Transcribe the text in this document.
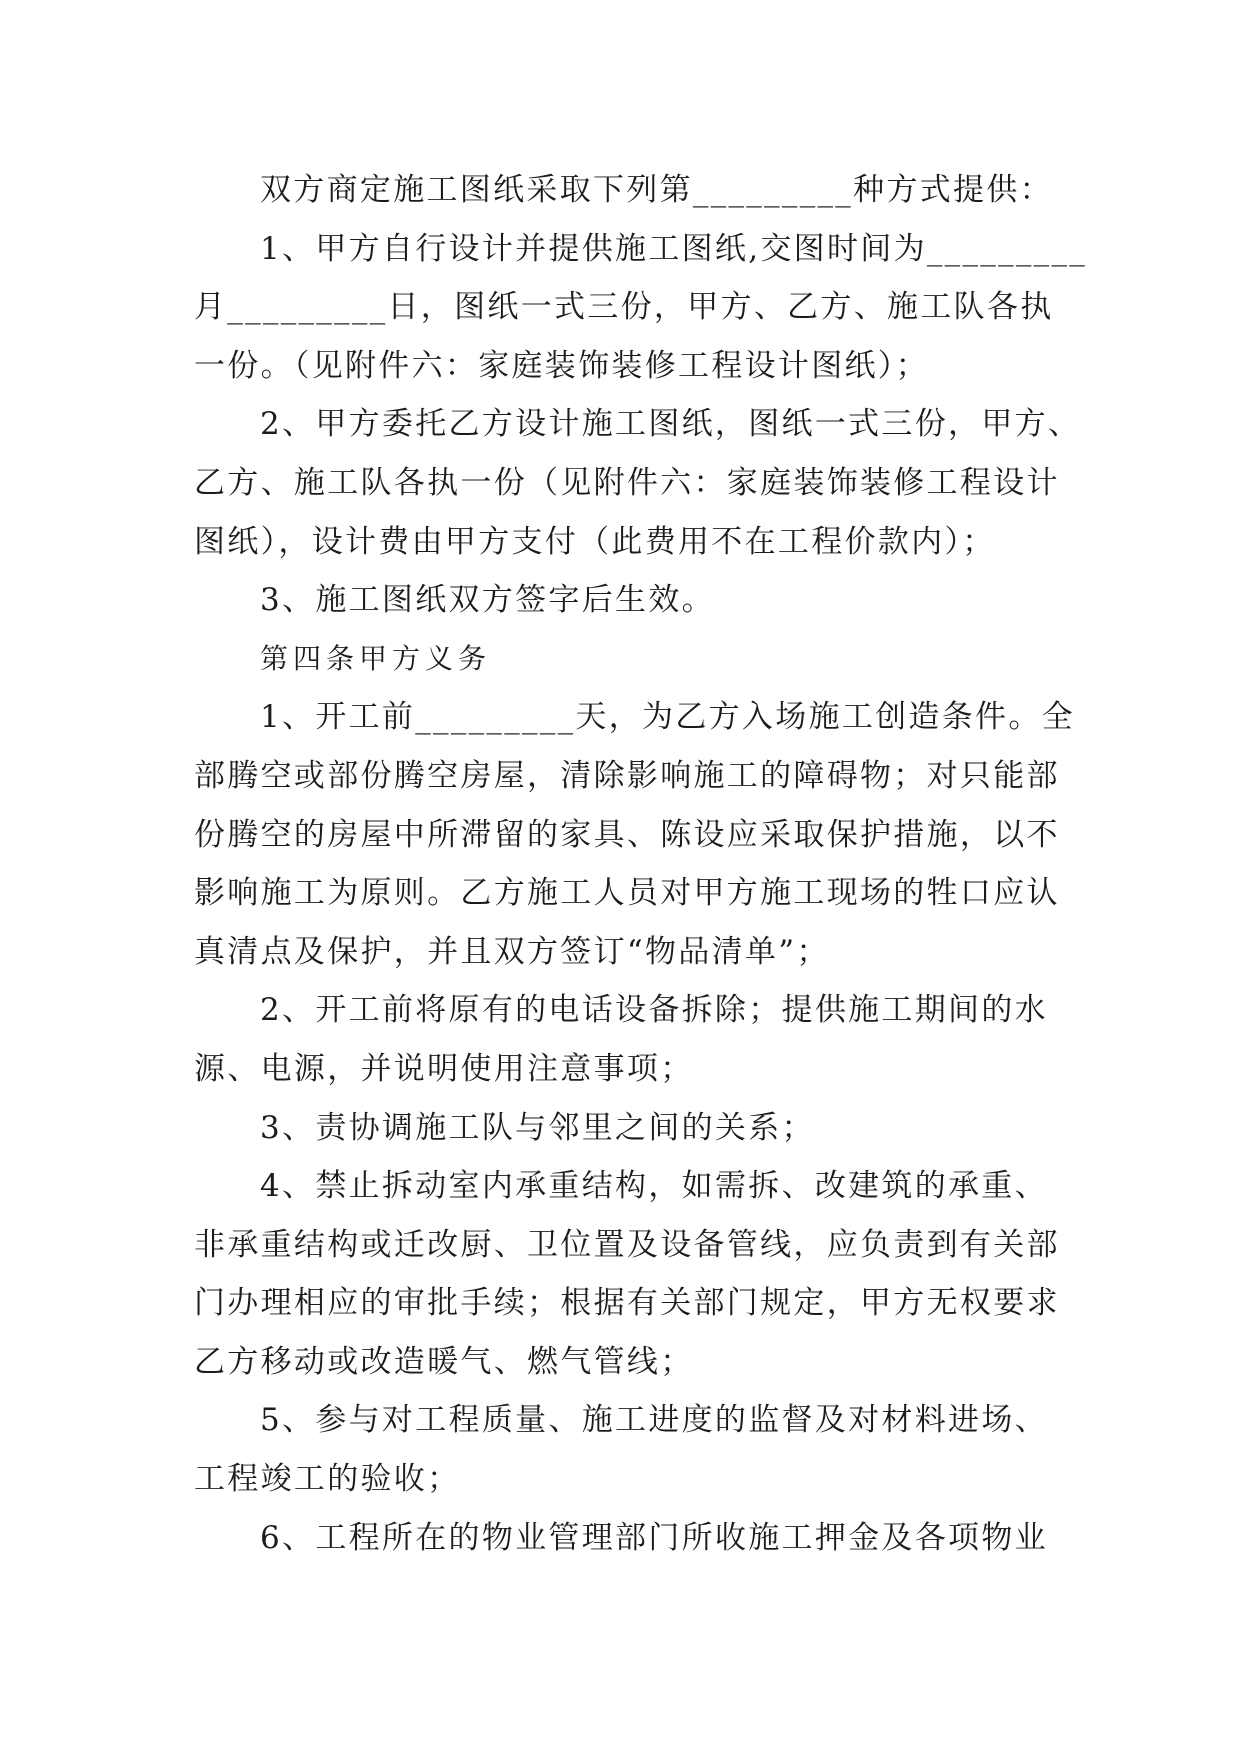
双方商定施工图纸采取下列第_________种方式提供：
1、甲方自行设计并提供施工图纸,交图时间为_________
月_________日，图纸一式三份，甲方、乙方、施工队各执
一份。（见附件六：家庭装饰装修工程设计图纸）；
2、甲方委托乙方设计施工图纸，图纸一式三份，甲方、
乙方、施工队各执一份（见附件六：家庭装饰装修工程设计
图纸），设计费由甲方支付（此费用不在工程价款内）；
3、施工图纸双方签字后生效。
第四条甲方义务
1、开工前_________天，为乙方入场施工创造条件。全
部腾空或部份腾空房屋，清除影响施工的障碍物；对只能部
份腾空的房屋中所滞留的家具、陈设应采取保护措施，以不
影响施工为原则。乙方施工人员对甲方施工现场的牲口应认
真清点及保护，并且双方签订“物品清单”；
2、开工前将原有的电话设备拆除；提供施工期间的水
源、电源，并说明使用注意事项；
3、责协调施工队与邻里之间的关系；
4、禁止拆动室内承重结构，如需拆、改建筑的承重、
非承重结构或迁改厨、卫位置及设备管线，应负责到有关部
门办理相应的审批手续；根据有关部门规定，甲方无权要求
乙方移动或改造暖气、燃气管线；
5、参与对工程质量、施工进度的监督及对材料进场、
工程竣工的验收；
6、工程所在的物业管理部门所收施工押金及各项物业
